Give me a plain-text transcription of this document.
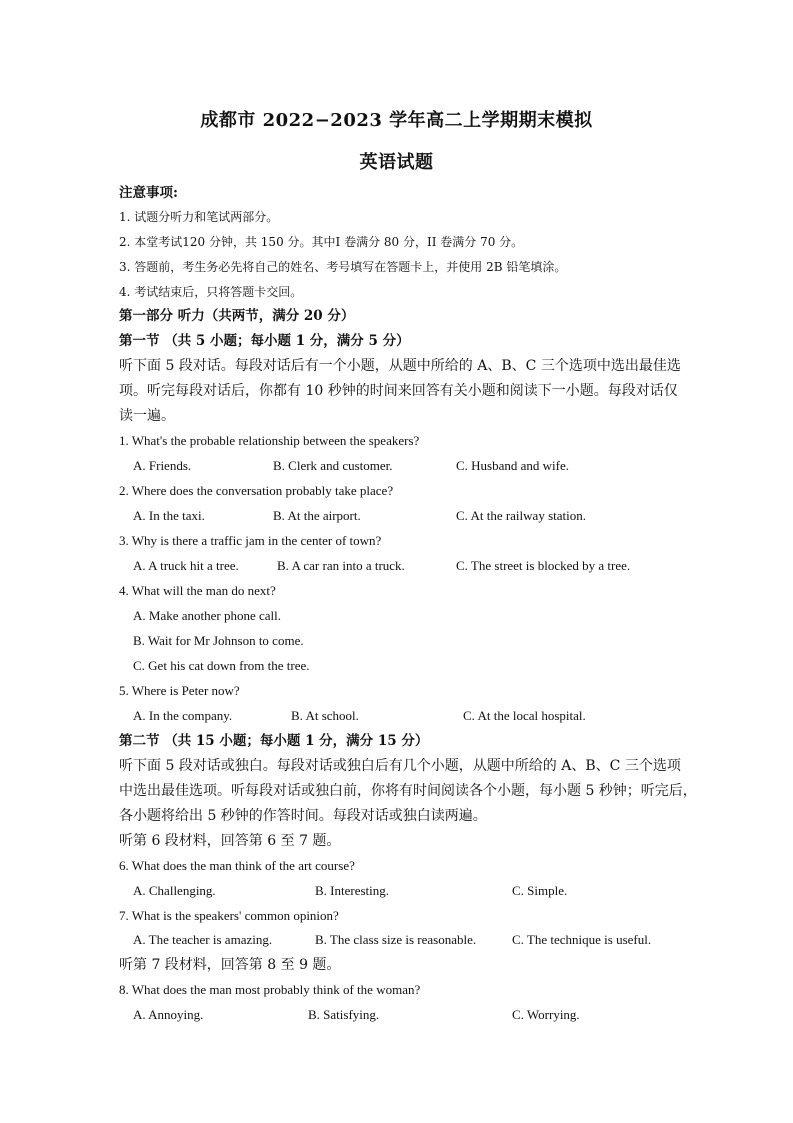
成都市 2022−2023 学年高二上学期期末模拟
英语试题
注意事项:
1. 试题分听力和笔试两部分。
2. 本堂考试120 分钟，共 150 分。其中I 卷满分 80 分，II 卷满分 70 分。
3. 答题前，考生务必先将自己的姓名、考号填写在答题卡上，并使用 2B 铅笔填涂。
4. 考试结束后，只将答题卡交回。
第一部分 听力（共两节，满分 20 分）
第一节 （共 5 小题；每小题 1 分，满分 5 分）
听下面 5 段对话。每段对话后有一个小题，从题中所给的 A、B、C 三个选项中选出最佳选
项。听完每段对话后，你都有 10 秒钟的时间来回答有关小题和阅读下一小题。每段对话仅
读一遍。
1. What's the probable relationship between the speakers?
A. Friends.	B. Clerk and customer.	C. Husband and wife.
2. Where does the conversation probably take place?
A. In the taxi.	B. At the airport.	C. At the railway station.
3. Why is there a traffic jam in the center of town?
A. A truck hit a tree.	B. A car ran into a truck.	C. The street is blocked by a tree.
4. What will the man do next?
A. Make another phone call.
B. Wait for Mr Johnson to come.
C. Get his cat down from the tree.
5. Where is Peter now?
A. In the company.	B. At school.	C. At the local hospital.
第二节 （共 15 小题；每小题 1 分，满分 15 分）
听下面 5 段对话或独白。每段对话或独白后有几个小题，从题中所给的 A、B、C 三个选项
中选出最佳选项。听每段对话或独白前，你将有时间阅读各个小题，每小题 5 秒钟；听完后，
各小题将给出 5 秒钟的作答时间。每段对话或独白读两遍。
听第 6 段材料，回答第 6 至 7 题。
6. What does the man think of the art course?
A. Challenging.	B. Interesting.	C. Simple.
7. What is the speakers' common opinion?
A. The teacher is amazing.	B. The class size is reasonable.	C. The technique is useful.
听第 7 段材料，回答第 8 至 9 题。
8. What does the man most probably think of the woman?
A. Annoying.	B. Satisfying.	C. Worrying.
